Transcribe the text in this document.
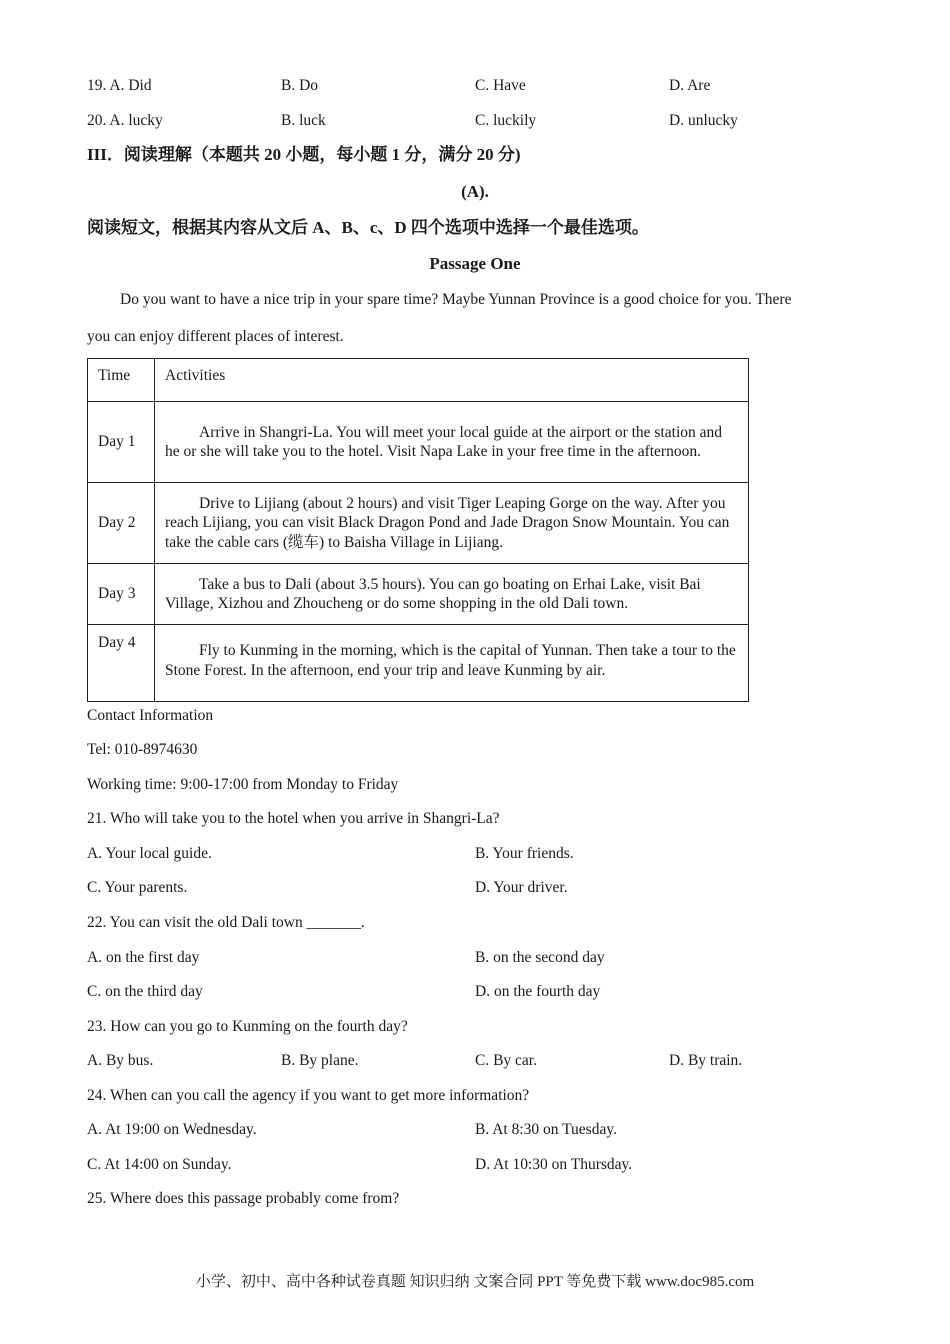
19. A. Did	B. Do	C. Have	D. Are
20. A. lucky	B. luck	C. luckily	D. unlucky
III．阅读理解（本题共 20 小题，每小题 1 分，满分 20 分)
(A).
阅读短文，根据其内容从文后 A、B、c、D 四个选项中选择一个最佳选项。
Passage One
Do you want to have a nice trip in your spare time? Maybe Yunnan Province is a good choice for you. There
you can enjoy different places of interest.
Time	Activities
Day 1	Arrive in Shangri-La. You will meet your local guide at the airport or the station and he or she will take you to the hotel. Visit Napa Lake in your free time in the afternoon.
Day 2	Drive to Lijiang (about 2 hours) and visit Tiger Leaping Gorge on the way. After you reach Lijiang, you can visit Black Dragon Pond and Jade Dragon Snow Mountain. You can take the cable cars (缆车) to Baisha Village in Lijiang.
Day 3	Take a bus to Dali (about 3.5 hours). You can go boating on Erhai Lake, visit Bai Village, Xizhou and Zhoucheng or do some shopping in the old Dali town.
Day 4	Fly to Kunming in the morning, which is the capital of Yunnan. Then take a tour to the Stone Forest. In the afternoon, end your trip and leave Kunming by air.
Contact Information
Tel: 010-8974630
Working time: 9:00-17:00 from Monday to Friday
21. Who will take you to the hotel when you arrive in Shangri-La?
A. Your local guide.	B. Your friends.
C. Your parents.	D. Your driver.
22. You can visit the old Dali town _______.
A. on the first day	B. on the second day
C. on the third day	D. on the fourth day
23. How can you go to Kunming on the fourth day?
A. By bus.	B. By plane.	C. By car.	D. By train.
24. When can you call the agency if you want to get more information?
A. At 19:00 on Wednesday.	B. At 8:30 on Tuesday.
C. At 14:00 on Sunday.	D. At 10:30 on Thursday.
25. Where does this passage probably come from?
小学、初中、高中各种试卷真题 知识归纳 文案合同 PPT 等免费下载 www.doc985.com
